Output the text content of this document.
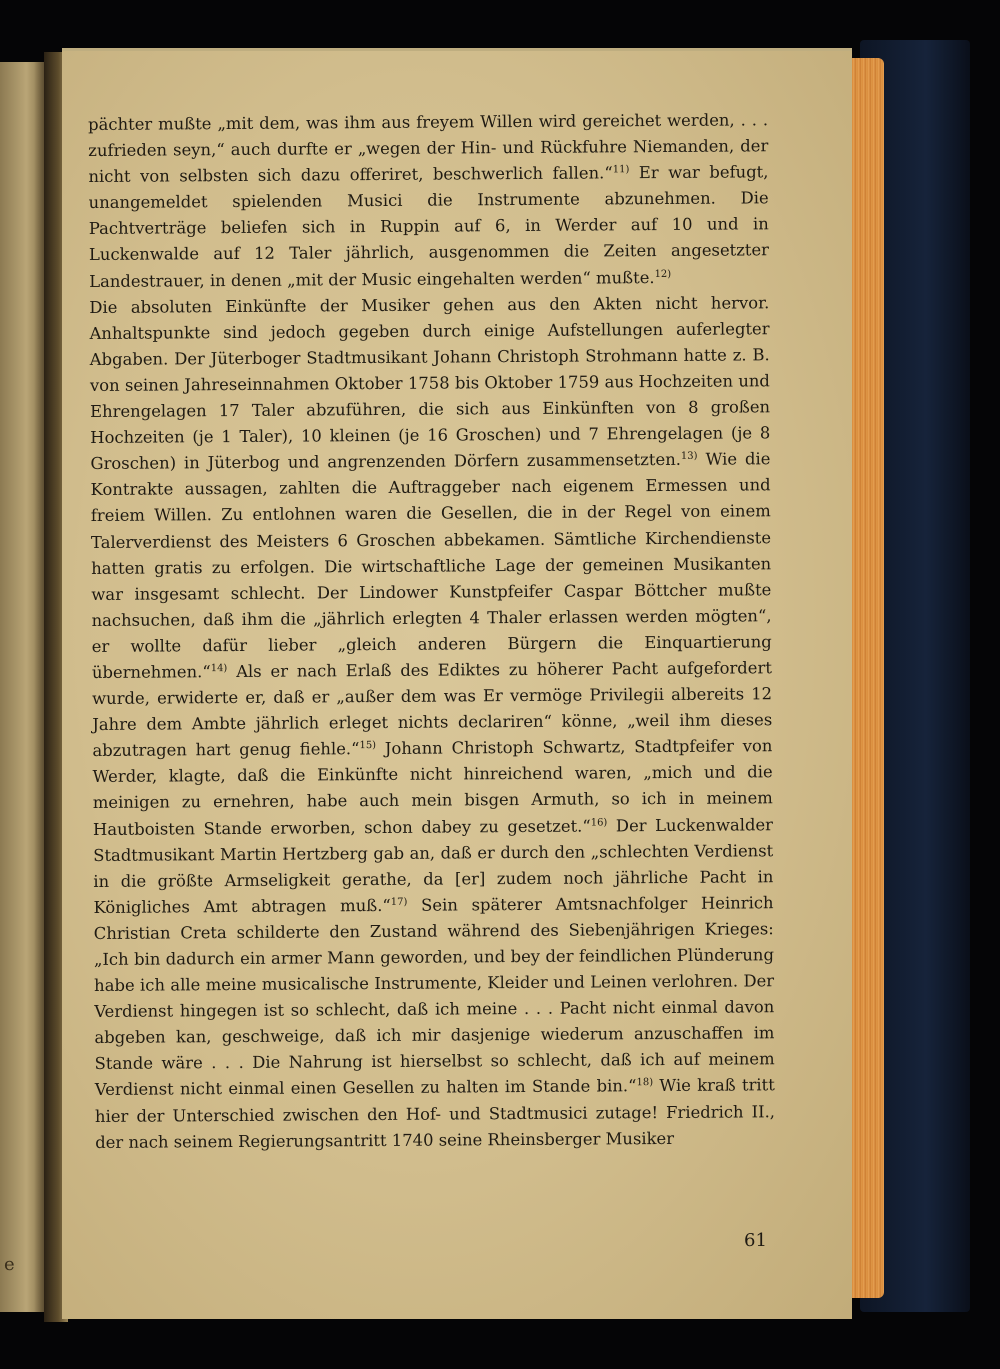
e

pächter mußte „mit dem, was ihm aus freyem Willen wird gereichet werden, . . . zufrieden seyn,“ auch durfte er „wegen der Hin- und Rückfuhre Niemanden, der nicht von selbsten sich dazu offeriret, beschwerlich fallen.“$^{11)}$ Er war befugt, unangemeldet spielenden Musici die Instrumente abzunehmen. Die Pachtverträge beliefen sich in Ruppin auf 6, in Werder auf 10 und in Luckenwalde auf 12 Taler jährlich, ausgenommen die Zeiten angesetzter Landestrauer, in denen „mit der Music eingehalten werden“ mußte.$^{12)}$

Die absoluten Einkünfte der Musiker gehen aus den Akten nicht hervor. Anhaltspunkte sind jedoch gegeben durch einige Aufstellungen auferlegter Abgaben. Der Jüterboger Stadtmusikant Johann Christoph Strohmann hatte z. B. von seinen Jahreseinnahmen Oktober 1758 bis Oktober 1759 aus Hochzeiten und Ehrengelagen 17 Taler abzuführen, die sich aus Einkünften von 8 großen Hochzeiten (je 1 Taler), 10 kleinen (je 16 Groschen) und 7 Ehrengelagen (je 8 Groschen) in Jüterbog und angrenzenden Dörfern zusammensetzten.$^{13)}$ Wie die Kontrakte aussagen, zahlten die Auftraggeber nach eigenem Ermessen und freiem Willen. Zu entlohnen waren die Gesellen, die in der Regel von einem Talerverdienst des Meisters 6 Groschen abbekamen. Sämtliche Kirchendienste hatten gratis zu erfolgen. Die wirtschaftliche Lage der gemeinen Musikanten war insgesamt schlecht. Der Lindower Kunstpfeifer Caspar Böttcher mußte nachsuchen, daß ihm die „jährlich erlegten 4 Thaler erlassen werden mögten“, er wollte dafür lieber „gleich anderen Bürgern die Einquartierung übernehmen.“$^{14)}$ Als er nach Erlaß des Ediktes zu höherer Pacht aufgefordert wurde, erwiderte er, daß er „außer dem was Er vermöge Privilegii albereits 12 Jahre dem Ambte jährlich erleget nichts declariren“ könne, „weil ihm dieses abzutragen hart genug fiehle.“$^{15)}$ Johann Christoph Schwartz, Stadtpfeifer von Werder, klagte, daß die Einkünfte nicht hinreichend waren, „mich und die meinigen zu ernehren, habe auch mein bisgen Armuth, so ich in meinem Hautboisten Stande erworben, schon dabey zu gesetzet.“$^{16)}$ Der Luckenwalder Stadtmusikant Martin Hertzberg gab an, daß er durch den „schlechten Verdienst in die größte Armseligkeit gerathe, da [er] zudem noch jährliche Pacht in Königliches Amt abtragen muß.“$^{17)}$ Sein späterer Amtsnachfolger Heinrich Christian Creta schilderte den Zustand während des Siebenjährigen Krieges: „Ich bin dadurch ein armer Mann geworden, und bey der feindlichen Plünderung habe ich alle meine musicalische Instrumente, Kleider und Leinen verlohren. Der Verdienst hingegen ist so schlecht, daß ich meine . . . Pacht nicht einmal davon abgeben kan, geschweige, daß ich mir dasjenige wiederum anzuschaffen im Stande wäre . . . Die Nahrung ist hierselbst so schlecht, daß ich auf meinem Verdienst nicht einmal einen Gesellen zu halten im Stande bin.“$^{18)}$ Wie kraß tritt hier der Unterschied zwischen den Hof- und Stadtmusici zutage! Friedrich II., der nach seinem Regierungsantritt 1740 seine Rheinsberger Musiker

61
